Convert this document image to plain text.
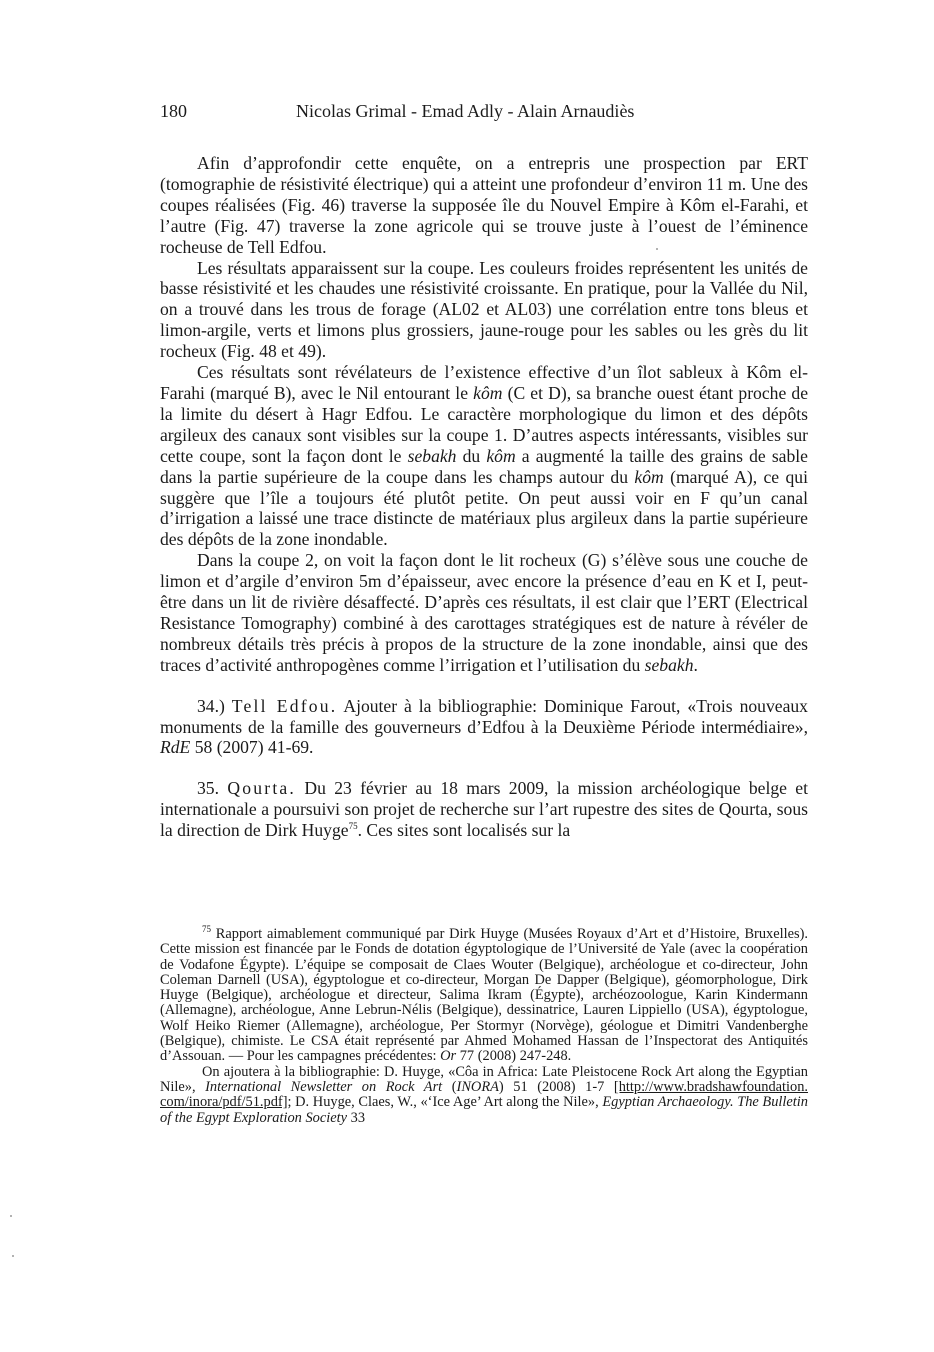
180	Nicolas Grimal - Emad Adly - Alain Arnaudiès

Afin d’approfondir cette enquête, on a entrepris une prospection par ERT (tomographie de résistivité électrique) qui a atteint une profondeur d’environ 11 m. Une des coupes réalisées (Fig. 46) traverse la supposée île du Nouvel Empire à Kôm el-Farahi, et l’autre (Fig. 47) traverse la zone agricole qui se trouve juste à l’ouest de l’éminence rocheuse de Tell Edfou.

Les résultats apparaissent sur la coupe. Les couleurs froides représentent les unités de basse résistivité et les chaudes une résistivité croissante. En pratique, pour la Vallée du Nil, on a trouvé dans les trous de forage (AL02 et AL03) une corrélation entre tons bleus et limon-argile, verts et limons plus grossiers, jaune-rouge pour les sables ou les grès du lit rocheux (Fig. 48 et 49).

Ces résultats sont révélateurs de l’existence effective d’un îlot sableux à Kôm el-Farahi (marqué B), avec le Nil entourant le kôm (C et D), sa branche ouest étant proche de la limite du désert à Hagr Edfou. Le caractère morphologique du limon et des dépôts argileux des canaux sont visibles sur la coupe 1. D’autres aspects intéressants, visibles sur cette coupe, sont la façon dont le sebakh du kôm a augmenté la taille des grains de sable dans la partie supérieure de la coupe dans les champs autour du kôm (marqué A), ce qui suggère que l’île a toujours été plutôt petite. On peut aussi voir en F qu’un canal d’irrigation a laissé une trace distincte de matériaux plus argileux dans la partie supérieure des dépôts de la zone inondable.

Dans la coupe 2, on voit la façon dont le lit rocheux (G) s’élève sous une couche de limon et d’argile d’environ 5m d’épaisseur, avec encore la présence d’eau en K et I, peut-être dans un lit de rivière désaffecté. D’après ces résultats, il est clair que l’ERT (Electrical Resistance Tomography) combiné à des carottages stratégiques est de nature à révéler de nombreux détails très précis à propos de la structure de la zone inondable, ainsi que des traces d’activité anthropogènes comme l’irrigation et l’utilisation du sebakh.

34.) Tell Edfou. Ajouter à la bibliographie: Dominique Farout, «Trois nouveaux monuments de la famille des gouverneurs d’Edfou à la Deuxième Période intermédiaire», RdE 58 (2007) 41-69.

35. Qourta. Du 23 février au 18 mars 2009, la mission archéologique belge et internationale a poursuivi son projet de recherche sur l’art rupestre des sites de Qourta, sous la direction de Dirk Huyge$^{75}$. Ces sites sont localisés sur la

$^{75}$ Rapport aimablement communiqué par Dirk Huyge (Musées Royaux d’Art et d’Histoire, Bruxelles). Cette mission est financée par le Fonds de dotation égyptologique de l’Université de Yale (avec la coopération de Vodafone Égypte). L’équipe se composait de Claes Wouter (Belgique), archéologue et co-directeur, John Coleman Darnell (USA), égyptologue et co-directeur, Morgan De Dapper (Belgique), géomorphologue, Dirk Huyge (Belgique), archéologue et directeur, Salima Ikram (Égypte), archéozoologue, Karin Kindermann (Allemagne), archéologue, Anne Lebrun-Nélis (Belgique), dessinatrice, Lauren Lippiello (USA), égyptologue, Wolf Heiko Riemer (Allemagne), archéologue, Per Stormyr (Norvège), géologue et Dimitri Vandenberghe (Belgique), chimiste. Le CSA était représenté par Ahmed Mohamed Hassan de l’Inspectorat des Antiquités d’Assouan. — Pour les campagnes précédentes: Or 77 (2008) 247-248.

On ajoutera à la bibliographie: D. Huyge, «Côa in Africa: Late Pleistocene Rock Art along the Egyptian Nile», International Newsletter on Rock Art (INORA) 51 (2008) 1-7 [http://www.bradshawfoundation. com/inora/pdf/51.pdf]; D. Huyge, Claes, W., «‘Ice Age’ Art along the Nile», Egyptian Archaeology. The Bulletin of the Egypt Exploration Society 33
